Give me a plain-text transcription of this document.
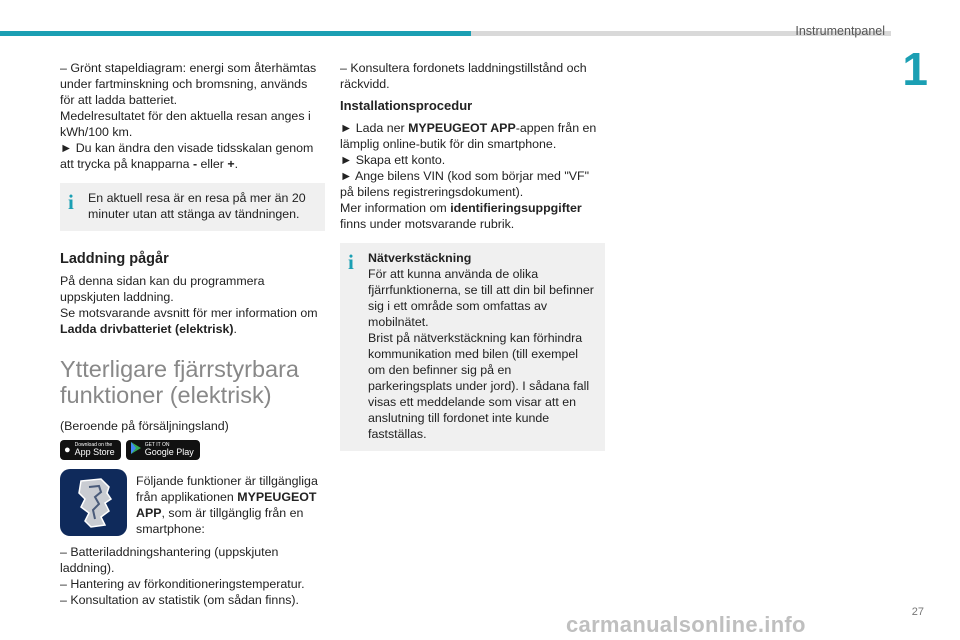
Instrumentpanel
1

– Grönt stapeldiagram: energi som återhämtas under fartminskning och bromsning, används för att ladda batteriet.

Medelresultatet för den aktuella resan anges i kWh/100 km.

► Du kan ändra den visade tidsskalan genom att trycka på knapparna - eller +.

i	En aktuell resa är en resa på mer än 20 minuter utan att stänga av tändningen.

Laddning pågår

På denna sidan kan du programmera uppskjuten laddning.

Se motsvarande avsnitt för mer information om

Ladda drivbatteriet (elektrisk).

Ytterligare fjärrstyrbara funktioner (elektrisk)

(Beroende på försäljningsland)

● Download on the
App Store
GET IT ON
Google Play

Följande funktioner är tillgängliga från applikationen MYPEUGEOT APP, som är tillgänglig från en smartphone:

– Batteriladdningshantering (uppskjuten laddning).

– Hantering av förkonditioneringstemperatur.

– Konsultation av statistik (om sådan finns).

– Konsultera fordonets laddningstillstånd och räckvidd.

Installationsprocedur

► Lada ner MYPEUGEOT APP-appen från en lämplig online-butik för din smartphone.

► Skapa ett konto.

► Ange bilens VIN (kod som börjar med "VF" på bilens registreringsdokument).

Mer information om identifieringsuppgifter

finns under motsvarande rubrik.

i	Nätverkstäckning

För att kunna använda de olika fjärrfunktionerna, se till att din bil befinner sig i ett område som omfattas av mobilnätet.

Brist på nätverkstäckning kan förhindra kommunikation med bilen (till exempel om den befinner sig på en parkeringsplats under jord). I sådana fall visas ett meddelande som visar att en anslutning till fordonet inte kunde fastställas.

27
carmanualsonline.info
